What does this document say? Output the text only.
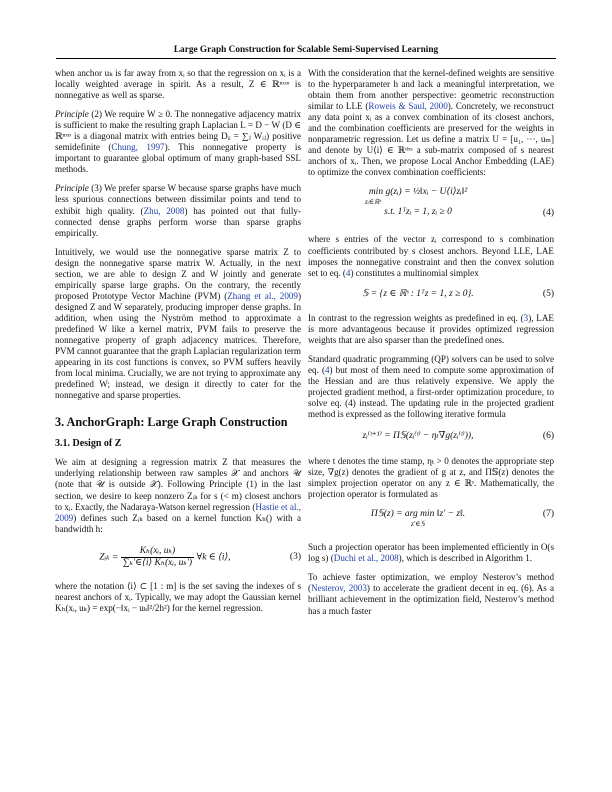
Large Graph Construction for Scalable Semi-Supervised Learning

when anchor uₖ is far away from xᵢ so that the regression on xᵢ is a locally weighted average in spirit. As a result, Z ∈ ℝⁿˣᵐ is nonnegative as well as sparse.

Principle (2) We require W ≥ 0. The nonnegative adjacency matrix is sufficient to make the resulting graph Laplacian L = D − W (D ∈ ℝⁿˣⁿ is a diagonal matrix with entries being Dᵢᵢ = ∑ⱼ Wᵢⱼ) positive semidefinite (Chung, 1997). This nonnegative property is important to guarantee global optimum of many graph-based SSL methods.

Principle (3) We prefer sparse W because sparse graphs have much less spurious connections between dissimilar points and tend to exhibit high quality. (Zhu, 2008) has pointed out that fully-connected dense graphs perform worse than sparse graphs empirically.

Intuitively, we would use the nonnegative sparse matrix Z to design the nonnegative sparse matrix W. Actually, in the next section, we are able to design Z and W jointly and generate empirically sparse large graphs. On the contrary, the recently proposed Prototype Vector Machine (PVM) (Zhang et al., 2009) designed Z and W separately, producing improper dense graphs. In addition, when using the Nyström method to approximate a predefined W like a kernel matrix, PVM fails to preserve the nonnegative property of graph adjacency matrices. Therefore, PVM cannot guarantee that the graph Laplacian regularization term appearing in its cost functions is convex, so PVM suffers heavily from local minima. Crucially, we are not trying to approximate any predefined W; instead, we design it directly to cater for the nonnegative and sparse properties.

3. AnchorGraph: Large Graph Construction
3.1. Design of Z

We aim at designing a regression matrix Z that measures the underlying relationship between raw samples 𝒳 and anchors 𝒰 (note that 𝒰 is outside 𝒳). Following Principle (1) in the last section, we desire to keep nonzero Zᵢₖ for s (< m) closest anchors to xᵢ. Exactly, the Nadaraya-Watson kernel regression (Hastie et al., 2009) defines such Zᵢₖ based on a kernel function Kₕ() with a bandwidth h:

Zᵢₖ = $\frac{\text{Kₕ(xᵢ, uₖ)}}{\text{∑ₖ′∈⟨i⟩ Kₕ(xᵢ, uₖ′)}}$ ∀k ∈ ⟨i⟩,	(3)

where the notation ⟨i⟩ ⊂ [1 : m] is the set saving the indexes of s nearest anchors of xᵢ. Typically, we may adopt the Gaussian kernel Kₕ(xᵢ, uₖ) = exp(−‖xᵢ − uₖ‖²/2h²) for the kernel regression.

With the consideration that the kernel-defined weights are sensitive to the hyperparameter h and lack a meaningful interpretation, we obtain them from another perspective: geometric reconstruction similar to LLE (Roweis & Saul, 2000). Concretely, we reconstruct any data point xᵢ as a convex combination of its closest anchors, and the combination coefficients are preserved for the weights in nonparametric regression. Let us define a matrix U = [u₁, ···, uₘ] and denote by U⟨i⟩ ∈ ℝᵈˣˢ a sub-matrix composed of s nearest anchors of xᵢ. Then, we propose Local Anchor Embedding (LAE) to optimize the convex combination coefficients:

min g(zᵢ) = ½‖xᵢ − U⟨i⟩zᵢ‖²
zᵢ∈ℝˢ
s.t. 1ᵀzᵢ = 1, zᵢ ≥ 0	(4)

where s entries of the vector zᵢ correspond to s combination coefficients contributed by s closest anchors. Beyond LLE, LAE imposes the nonnegative constraint and then the convex solution set to eq. (4) constitutes a multinomial simplex

𝕊 = {z ∈ ℝˢ : 1ᵀz = 1, z ≥ 0}.	(5)

In contrast to the regression weights as predefined in eq. (3), LAE is more advantageous because it provides optimized regression weights that are also sparser than the predefined ones.

Standard quadratic programming (QP) solvers can be used to solve eq. (4) but most of them need to compute some approximation of the Hessian and are thus relatively expensive. We apply the projected gradient method, a first-order optimization procedure, to solve eq. (4) instead. The updating rule in the projected gradient method is expressed as the following iterative formula

zᵢ⁽ᵗ⁺¹⁾ = Π𝕊(zᵢ⁽ᵗ⁾ − ηₜ∇g(zᵢ⁽ᵗ⁾)),	(6)

where t denotes the time stamp, ηₜ > 0 denotes the appropriate step size, ∇g(z) denotes the gradient of g at z, and Π𝕊(z) denotes the simplex projection operator on any z ∈ ℝˢ. Mathematically, the projection operator is formulated as

Π𝕊(z) = arg min ‖z′ − z‖.
z′∈𝕊
(7)

Such a projection operator has been implemented efficiently in O(s log s) (Duchi et al., 2008), which is described in Algorithm 1.

To achieve faster optimization, we employ Nesterov’s method (Nesterov, 2003) to accelerate the gradient decent in eq. (6). As a brilliant achievement in the optimization field, Nesterov’s method has a much faster
